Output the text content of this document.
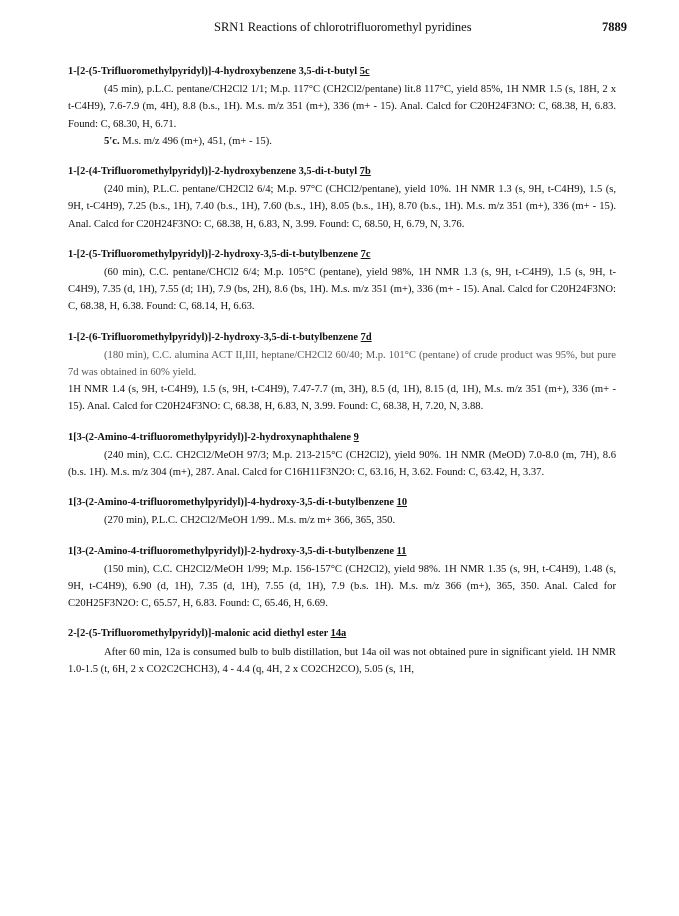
SRN1 Reactions of chlorotrifluoromethyl pyridines	7889
1-[2-(5-Trifluoromethylpyridyl)]-4-hydroxybenzene 3,5-di-t-butyl 5c
(45 min), p.L.C. pentane/CH2Cl2 1/1; M.p. 117°C (CH2Cl2/pentane) lit.8 117°C, yield 85%, 1H NMR 1.5 (s, 18H, 2 x t-C4H9), 7.6-7.9 (m, 4H), 8.8 (b.s., 1H). M.s. m/z 351 (m+), 336 (m+ - 15). Anal. Calcd for C20H24F3NO: C, 68.38, H, 6.83. Found: C, 68.30, H, 6.71.
5'c. M.s. m/z 496 (m+), 451, (m+ - 15).
1-[2-(4-Trifluoromethylpyridyl)]-2-hydroxybenzene 3,5-di-t-butyl 7b
(240 min), P.L.C. pentane/CH2Cl2 6/4; M.p. 97°C (CHCl2/pentane), yield 10%. 1H NMR 1.3 (s, 9H, t-C4H9), 1.5 (s, 9H, t-C4H9), 7.25 (b.s., 1H), 7.40 (b.s., 1H), 7.60 (b.s., 1H), 8.05 (b.s., 1H), 8.70 (b.s., 1H). M.s. m/z 351 (m+), 336 (m+ - 15). Anal. Calcd for C20H24F3NO: C, 68.38, H, 6.83, N, 3.99. Found: C, 68.50, H, 6.79, N, 3.76.
1-[2-(5-Trifluoromethylpyridyl)]-2-hydroxy-3,5-di-t-butylbenzene 7c
(60 min), C.C. pentane/CHCl2 6/4; M.p. 105°C (pentane), yield 98%, 1H NMR 1.3 (s, 9H, t-C4H9), 1.5 (s, 9H, t-C4H9), 7.35 (d, 1H), 7.55 (d; 1H), 7.9 (bs, 2H), 8.6 (bs, 1H). M.s. m/z 351 (m+), 336 (m+ - 15). Anal. Calcd for C20H24F3NO: C, 68.38, H, 6.38. Found: C, 68.14, H, 6.63.
1-[2-(6-Trifluoromethylpyridyl)]-2-hydroxy-3,5-di-t-butylbenzene 7d
(180 min), C.C. alumina ACT II,III, heptane/CH2Cl2 60/40; M.p. 101°C (pentane) of crude product was 95%, but pure 7d was obtained in 60% yield.
1H NMR 1.4 (s, 9H, t-C4H9), 1.5 (s, 9H, t-C4H9), 7.47-7.7 (m, 3H), 8.5 (d, 1H), 8.15 (d, 1H), M.s. m/z 351 (m+), 336 (m+ - 15). Anal. Calcd for C20H24F3NO: C, 68.38, H, 6.83, N, 3.99. Found: C, 68.38, H, 7.20, N, 3.88.
1[3-(2-Amino-4-trifluoromethylpyridyl)]-2-hydroxynaphthalene 9
(240 min), C.C. CH2Cl2/MeOH 97/3; M.p. 213-215°C (CH2Cl2), yield 90%. 1H NMR (MeOD) 7.0-8.0 (m, 7H), 8.6 (b.s. 1H). M.s. m/z 304 (m+), 287. Anal. Calcd for C16H11F3N2O: C, 63.16, H, 3.62. Found: C, 63.42, H, 3.37.
1[3-(2-Amino-4-trifluoromethylpyridyl)]-4-hydroxy-3,5-di-t-butylbenzene 10
(270 min), P.L.C. CH2Cl2/MeOH 1/99.. M.s. m/z m+ 366, 365, 350.
1[3-(2-Amino-4-trifluoromethylpyridyl)]-2-hydroxy-3,5-di-t-butylbenzene 11
(150 min), C.C. CH2Cl2/MeOH 1/99; M.p. 156-157°C (CH2Cl2), yield 98%. 1H NMR 1.35 (s, 9H, t-C4H9), 1.48 (s, 9H, t-C4H9), 6.90 (d, 1H), 7.35 (d, 1H), 7.55 (d, 1H), 7.9 (b.s. 1H). M.s. m/z 366 (m+), 365, 350. Anal. Calcd for C20H25F3N2O: C, 65.57, H, 6.83. Found: C, 65.46, H, 6.69.
2-[2-(5-Trifluoromethylpyridyl)]-malonic acid diethyl ester 14a
After 60 min, 12a is consumed bulb to bulb distillation, but 14a oil was not obtained pure in significant yield. 1H NMR 1.0-1.5 (t, 6H, 2 x CO2C2CHCH3), 4 - 4.4 (q, 4H, 2 x CO2CH2CO), 5.05 (s, 1H,
